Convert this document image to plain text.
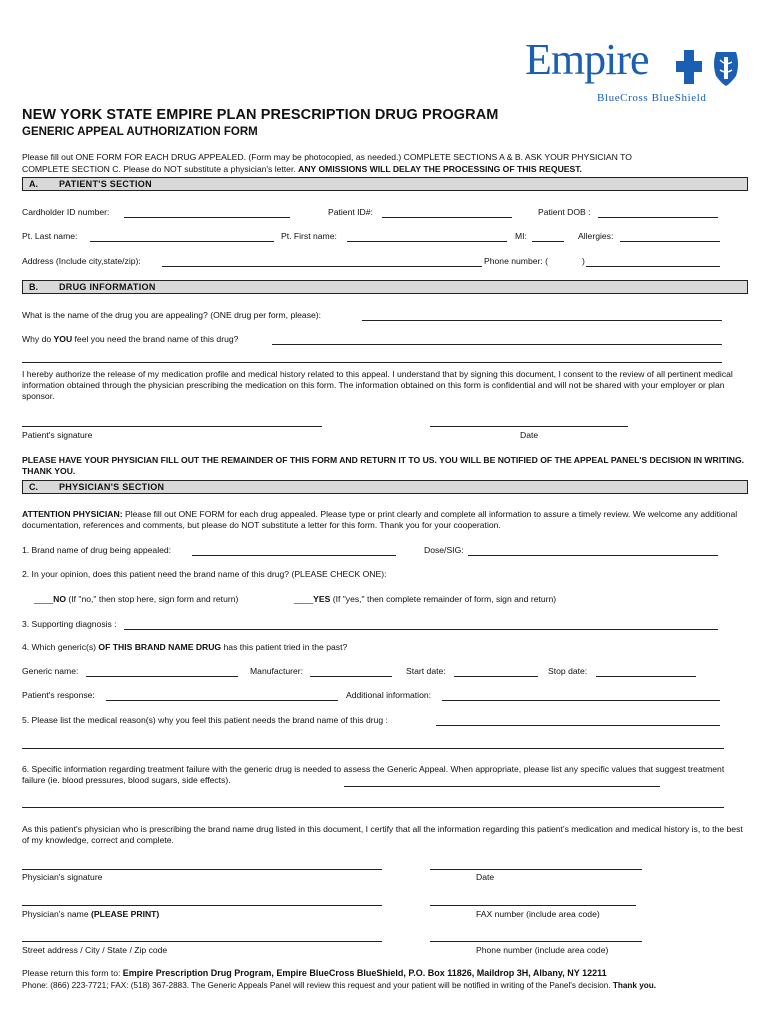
Empire
BlueCross BlueShield
NEW YORK STATE EMPIRE PLAN PRESCRIPTION DRUG PROGRAM
GENERIC APPEAL AUTHORIZATION FORM
Please fill out ONE FORM FOR EACH DRUG APPEALED. (Form may be photocopied, as needed.) COMPLETE SECTIONS A & B. ASK YOUR PHYSICIAN TO
COMPLETE SECTION C. Please do NOT substitute a physician's letter. ANY OMISSIONS WILL DELAY THE PROCESSING OF THIS REQUEST.
A. PATIENT'S SECTION
Cardholder ID number:	Patient ID#:	Patient DOB :
Pt. Last name:	Pt. First name:	MI:	Allergies:
Address (Include city,state/zip):	Phone number: (	)
B. DRUG INFORMATION
What is the name of the drug you are appealing? (ONE drug per form, please):
Why do YOU feel you need the brand name of this drug?
I hereby authorize the release of my medication profile and medical history related to this appeal. I understand that by signing this document, I consent to the review of all pertinent medical information obtained through the physician prescribing the medication on this form. The information obtained on this form is confidential and will not be shared with your employer or plan sponsor.
Patient's signature	Date
PLEASE HAVE YOUR PHYSICIAN FILL OUT THE REMAINDER OF THIS FORM AND RETURN IT TO US. YOU WILL BE NOTIFIED OF THE APPEAL PANEL'S DECISION IN WRITING. THANK YOU.
C. PHYSICIAN'S SECTION
ATTENTION PHYSICIAN: Please fill out ONE FORM for each drug appealed. Please type or print clearly and complete all information to assure a timely review. We welcome any additional documentation, references and comments, but please do NOT substitute a letter for this form. Thank you for your cooperation.
1. Brand name of drug being appealed:	Dose/SIG:
2. In your opinion, does this patient need the brand name of this drug? (PLEASE CHECK ONE):
____NO (If "no," then stop here, sign form and return)	____YES (If "yes," then complete remainder of form, sign and return)
3. Supporting diagnosis :
4. Which generic(s) OF THIS BRAND NAME DRUG has this patient tried in the past?
Generic name:	Manufacturer:	Start date:	Stop date:
Patient's response:	Additional information:
5. Please list the medical reason(s) why you feel this patient needs the brand name of this drug :
6. Specific information regarding treatment failure with the generic drug is needed to assess the Generic Appeal. When appropriate, please list any specific values that suggest treatment failure (ie. blood pressures, blood sugars, side effects).
As this patient's physician who is prescribing the brand name drug listed in this document, I certify that all the information regarding this patient's medication and medical history is, to the best of my knowledge, correct and complete.
Physician's signature	Date
Physician's name (PLEASE PRINT)	FAX number (include area code)
Street address / City / State / Zip code	Phone number (include area code)
Please return this form to: Empire Prescription Drug Program, Empire BlueCross BlueShield, P.O. Box 11826, Maildrop 3H, Albany, NY 12211
Phone: (866) 223-7721; FAX: (518) 367-2883. The Generic Appeals Panel will review this request and your patient will be notified in writing of the Panel's decision. Thank you.
